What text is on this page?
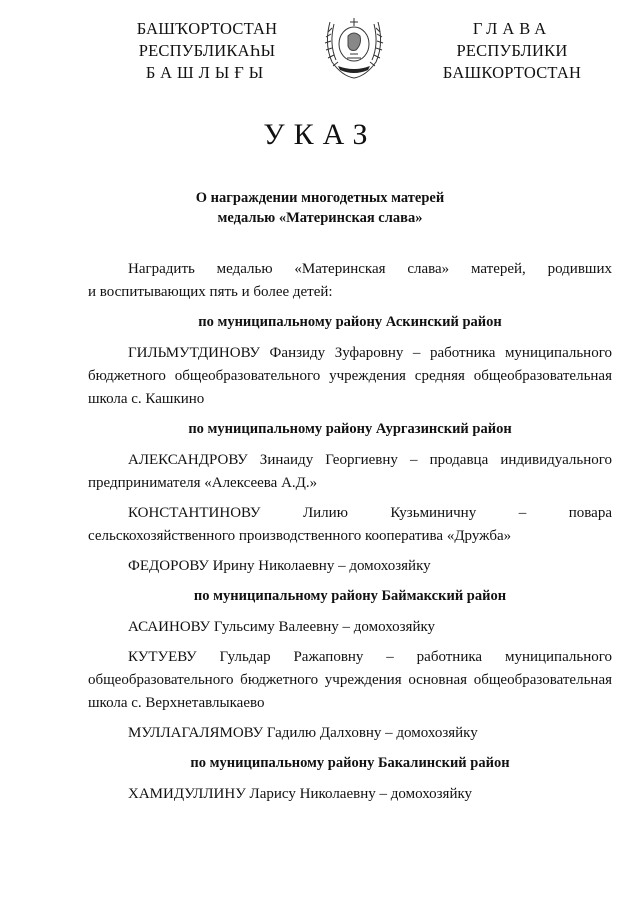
БАШҠОРТОСТАН
РЕСПУБЛИКАҺЫ
БАШЛЫҒЫ
ГЛАВА
РЕСПУБЛИКИ
БАШКОРТОСТАН
УКАЗ
О награждении многодетных матерей
медалью «Материнская слава»
Наградить медалью «Материнская слава» матерей, родивших
и воспитывающих пять и более детей:
по муниципальному району Аскинский район
ГИЛЬМУТДИНОВУ Фанзиду Зуфаровну – работника муниципального
бюджетного общеобразовательного учреждения средняя общеобразовательная школа с. Кашкино
по муниципальному району Аургазинский район
АЛЕКСАНДРОВУ Зинаиду Георгиевну – продавца индивидуального
предпринимателя «Алексеева А.Д.»
КОНСТАНТИНОВУ Лилию Кузьминичну – повара
сельскохозяйственного производственного кооператива «Дружба»
ФЕДОРОВУ Ирину Николаевну – домохозяйку
по муниципальному району Баймакский район
АСАИНОВУ Гульсиму Валеевну – домохозяйку
КУТУЕВУ Гульдар Ражаповну – работника муниципального
общеобразовательного бюджетного учреждения основная общеобразовательная школа с. Верхнетавлыкаево
МУЛЛАГАЛЯМОВУ Гадилю Далховну – домохозяйку
по муниципальному району Бакалинский район
ХАМИДУЛЛИНУ Ларису Николаевну – домохозяйку
